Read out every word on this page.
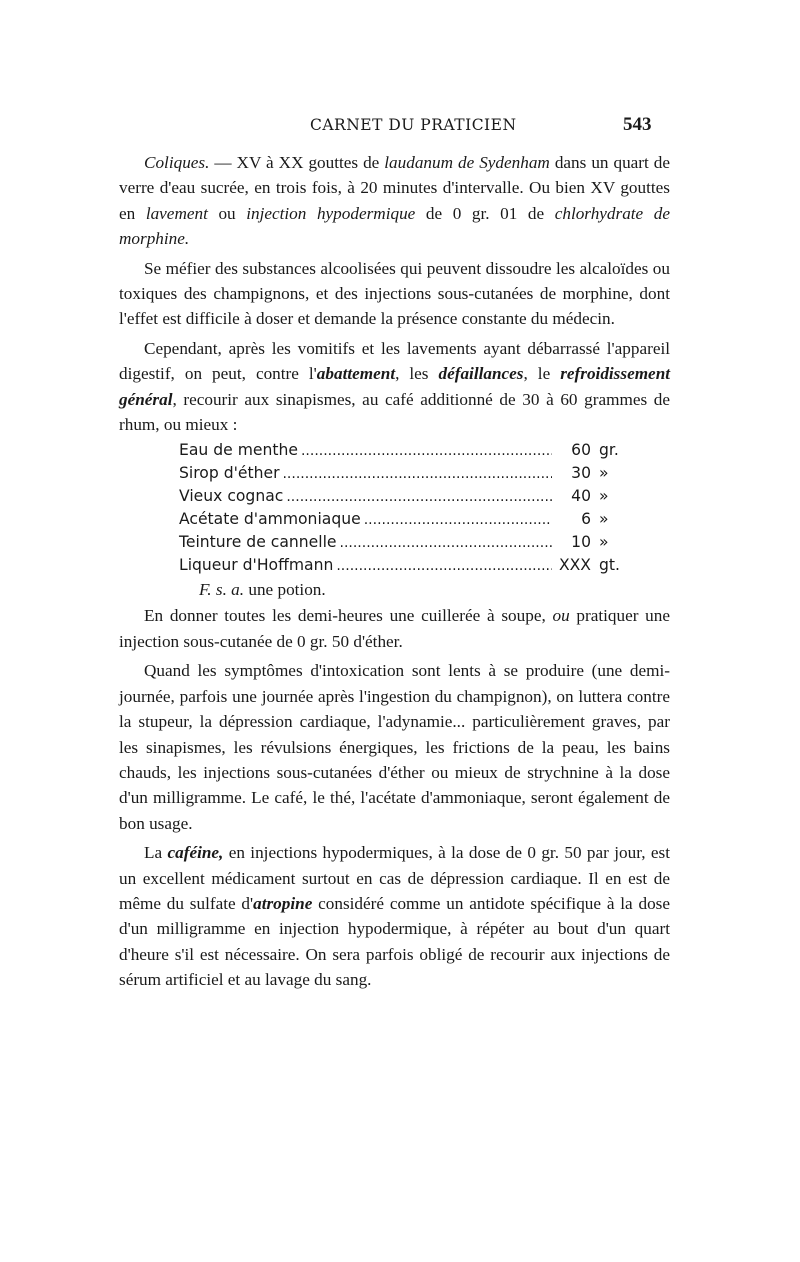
CARNET DU PRATICIEN	543

Coliques. — XV à XX gouttes de laudanum de Sydenham dans un quart de verre d'eau sucrée, en trois fois, à 20 minutes d'intervalle. Ou bien XV gouttes en lavement ou injection hypodermique de 0 gr. 01 de chlorhydrate de morphine.

Se méfier des substances alcoolisées qui peuvent dissoudre les alcaloïdes ou toxiques des champignons, et des injections sous-cutanées de morphine, dont l'effet est difficile à doser et demande la présence constante du médecin.

Cependant, après les vomitifs et les lavements ayant débarrassé l'appareil digestif, on peut, contre l'abattement, les défaillances, le refroidissement général, recourir aux sinapismes, au café additionné de 30 à 60 grammes de rhum, ou mieux :

Eau de menthe .....	60 gr.
Sirop d'éther .....	30 »
Vieux cognac .....	40 »
Acétate d'ammoniaque .....	6 »
Teinture de cannelle .....	10 »
Liqueur d'Hoffmann .....	XXX gt.
F. s. a. une potion.

En donner toutes les demi-heures une cuillerée à soupe, ou pratiquer une injection sous-cutanée de 0 gr. 50 d'éther.

Quand les symptômes d'intoxication sont lents à se produire (une demi-journée, parfois une journée après l'ingestion du champignon), on luttera contre la stupeur, la dépression cardiaque, l'adynamie... particulièrement graves, par les sinapismes, les révulsions énergiques, les frictions de la peau, les bains chauds, les injections sous-cutanées d'éther ou mieux de strychnine à la dose d'un milligramme. Le café, le thé, l'acétate d'ammoniaque, seront également de bon usage.

La caféine, en injections hypodermiques, à la dose de 0 gr. 50 par jour, est un excellent médicament surtout en cas de dépression cardiaque. Il en est de même du sulfate d'atropine considéré comme un antidote spécifique à la dose d'un milligramme en injection hypodermique, à répéter au bout d'un quart d'heure s'il est nécessaire. On sera parfois obligé de recourir aux injections de sérum artificiel et au lavage du sang.
